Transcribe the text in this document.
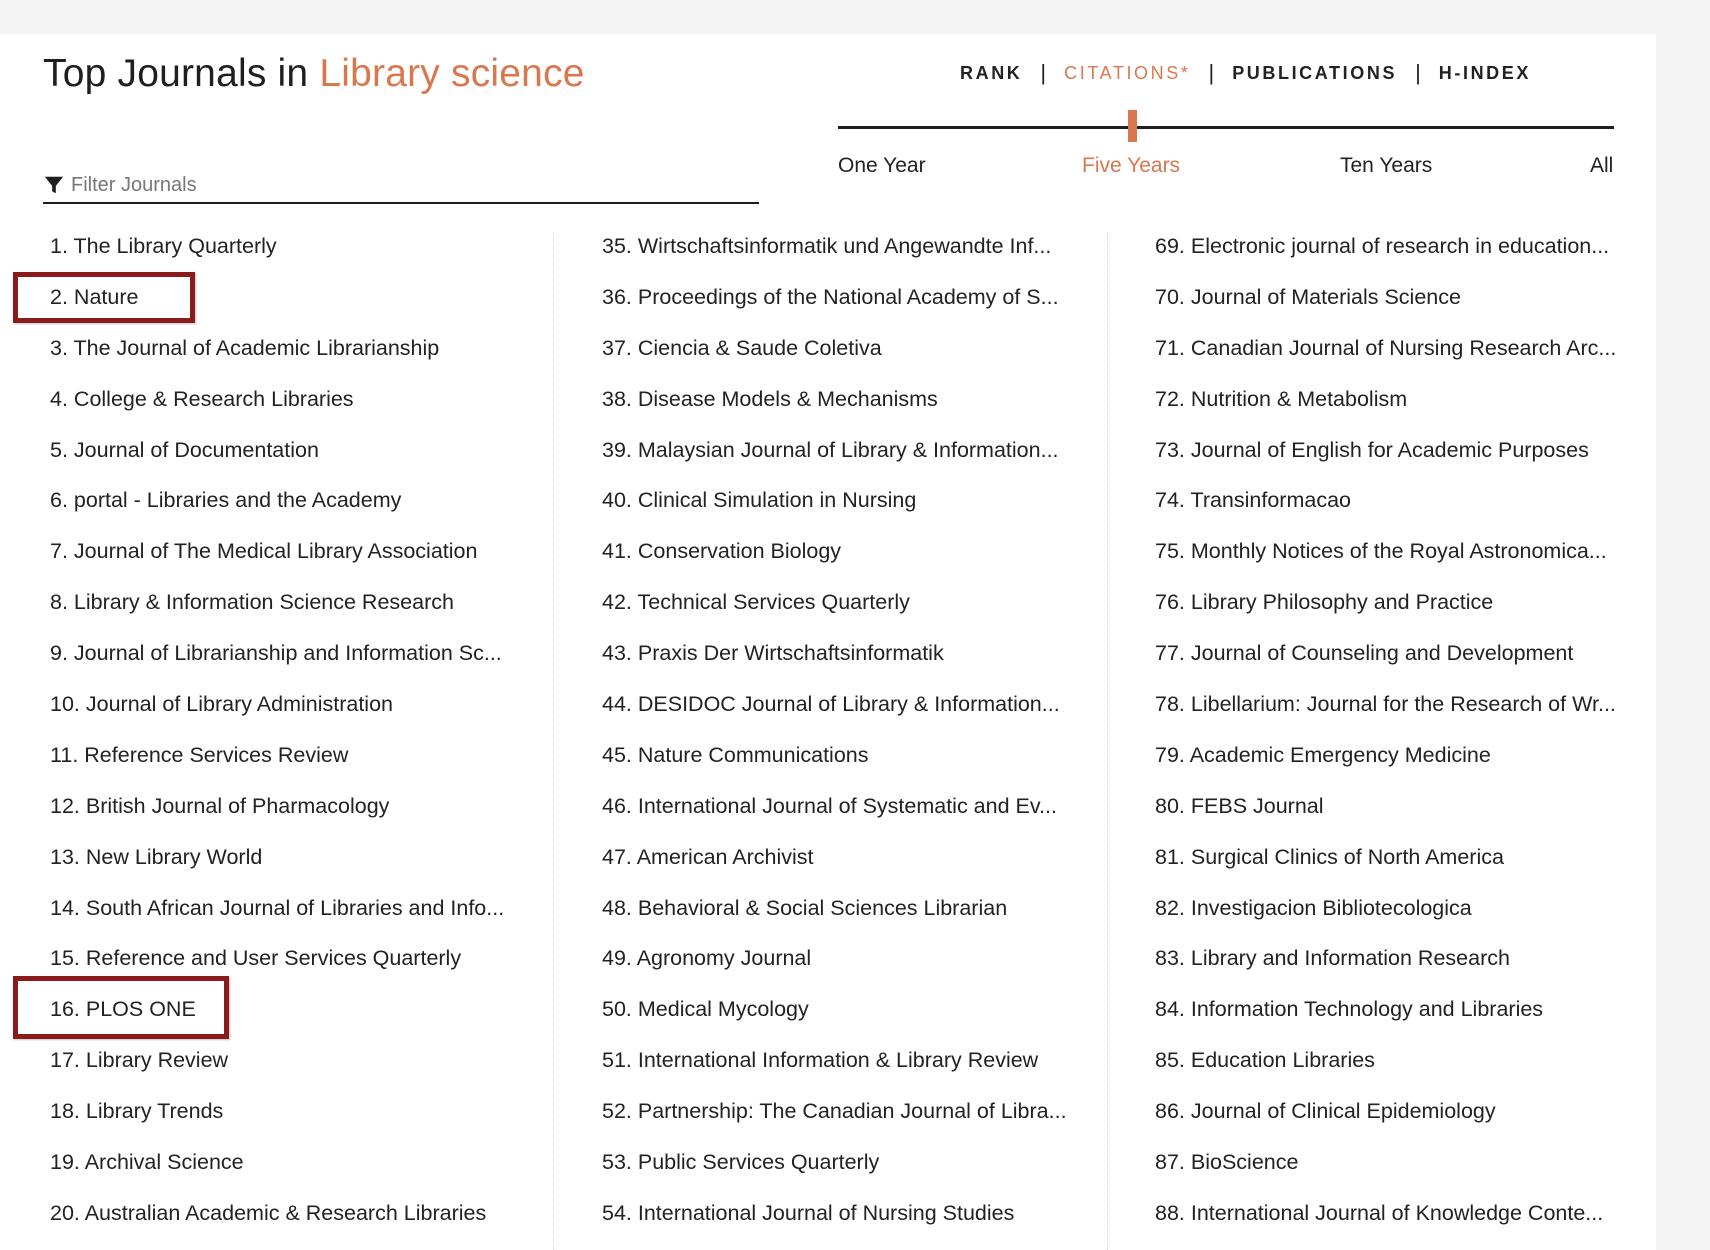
Top Journals in Library science	RANK | CITATIONS* | PUBLICATIONS | H-INDEX
One Year	Five Years	Ten Years	All
Filter Journals
1. The Library Quarterly
2. Nature
3. The Journal of Academic Librarianship
4. College & Research Libraries
5. Journal of Documentation
6. portal - Libraries and the Academy
7. Journal of The Medical Library Association
8. Library & Information Science Research
9. Journal of Librarianship and Information Sc...
10. Journal of Library Administration
11. Reference Services Review
12. British Journal of Pharmacology
13. New Library World
14. South African Journal of Libraries and Info...
15. Reference and User Services Quarterly
16. PLOS ONE
17. Library Review
18. Library Trends
19. Archival Science
20. Australian Academic & Research Libraries
35. Wirtschaftsinformatik und Angewandte Inf...
36. Proceedings of the National Academy of S...
37. Ciencia & Saude Coletiva
38. Disease Models & Mechanisms
39. Malaysian Journal of Library & Information...
40. Clinical Simulation in Nursing
41. Conservation Biology
42. Technical Services Quarterly
43. Praxis Der Wirtschaftsinformatik
44. DESIDOC Journal of Library & Information...
45. Nature Communications
46. International Journal of Systematic and Ev...
47. American Archivist
48. Behavioral & Social Sciences Librarian
49. Agronomy Journal
50. Medical Mycology
51. International Information & Library Review
52. Partnership: The Canadian Journal of Libra...
53. Public Services Quarterly
54. International Journal of Nursing Studies
69. Electronic journal of research in education...
70. Journal of Materials Science
71. Canadian Journal of Nursing Research Arc...
72. Nutrition & Metabolism
73. Journal of English for Academic Purposes
74. Transinformacao
75. Monthly Notices of the Royal Astronomica...
76. Library Philosophy and Practice
77. Journal of Counseling and Development
78. Libellarium: Journal for the Research of Wr...
79. Academic Emergency Medicine
80. FEBS Journal
81. Surgical Clinics of North America
82. Investigacion Bibliotecologica
83. Library and Information Research
84. Information Technology and Libraries
85. Education Libraries
86. Journal of Clinical Epidemiology
87. BioScience
88. International Journal of Knowledge Conte...
